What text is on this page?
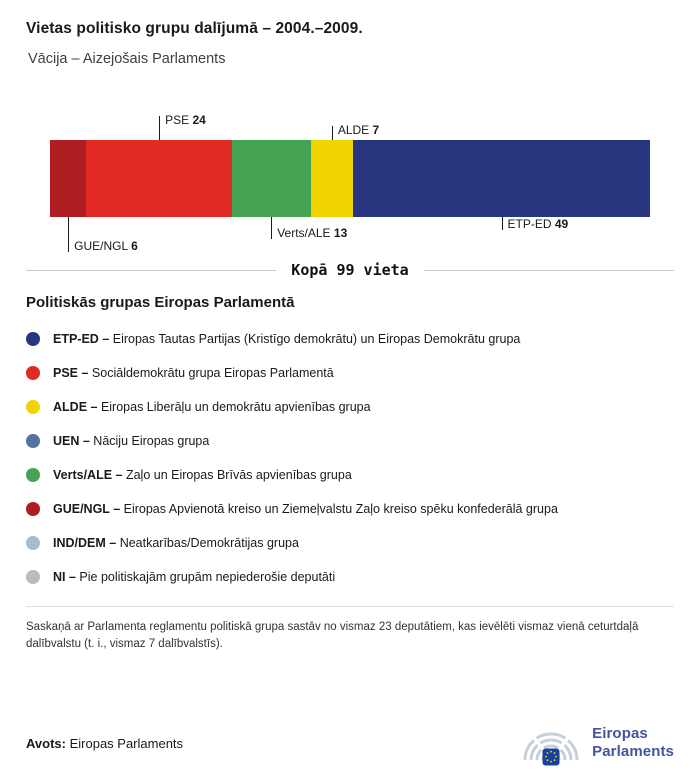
Vietas politisko grupu dalījumā – 2004.–2009.
Vācija – Aizejošais Parlaments
GUE/NGL 6
PSE 24
Verts/ALE 13
ALDE 7
ETP-ED 49
Kopā 99 vieta
Politiskās grupas Eiropas Parlamentā
ETP-ED – Eiropas Tautas Partijas (Kristīgo demokrātu) un Eiropas Demokrātu grupa
PSE – Sociāldemokrātu grupa Eiropas Parlamentā
ALDE – Eiropas Liberāļu un demokrātu apvienības grupa
UEN – Nāciju Eiropas grupa
Verts/ALE – Zaļo un Eiropas Brīvās apvienības grupa
GUE/NGL – Eiropas Apvienotā kreiso un Ziemeļvalstu Zaļo kreiso spēku konfederālā grupa
IND/DEM – Neatkarības/Demokrātijas grupa
NI – Pie politiskajām grupām nepiederošie deputāti
Saskaņā ar Parlamenta reglamentu politiskā grupa sastāv no vismaz 23 deputātiem, kas ievēlēti vismaz vienā ceturtdaļā dalībvalstu (t. i., vismaz 7 dalībvalstīs).
Avots: Eiropas Parlaments
Eiropas
Parlaments
